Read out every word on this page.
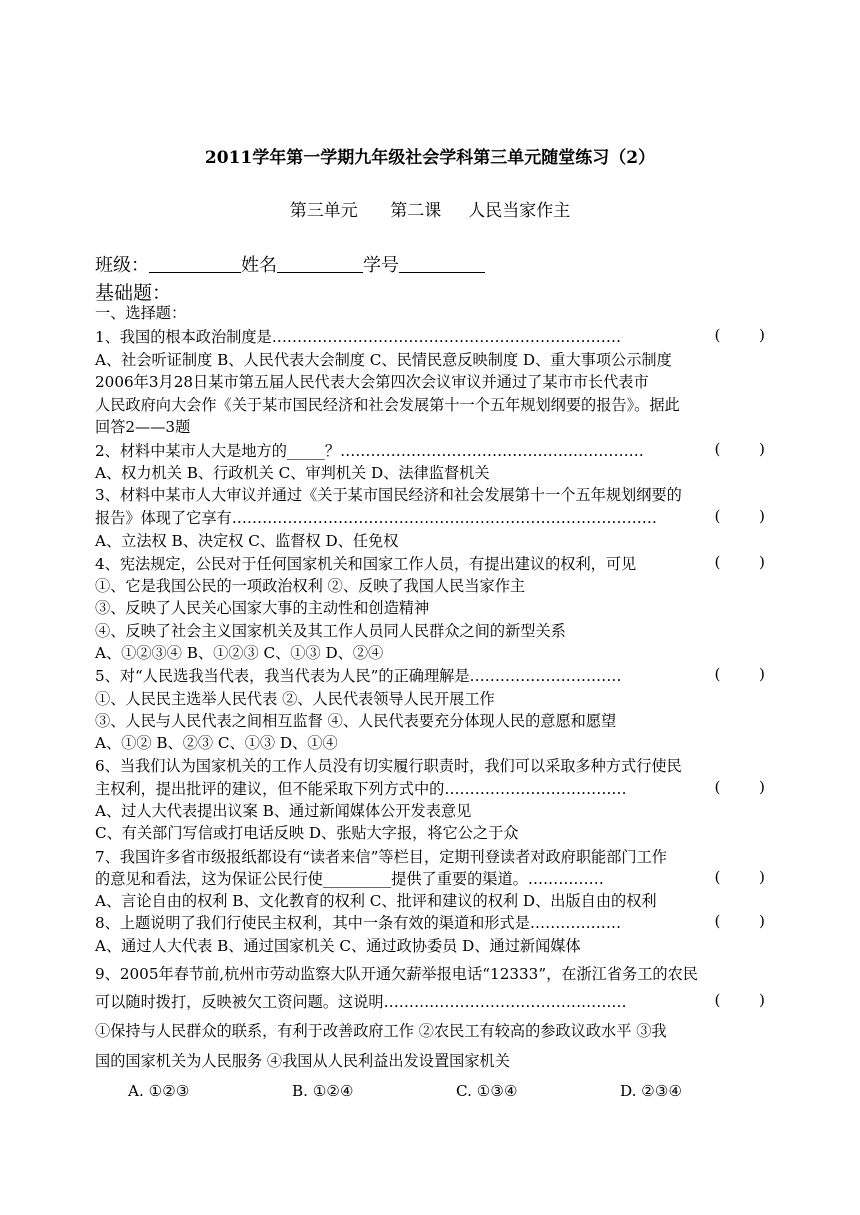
2011学年第一学期九年级社会学科第三单元随堂练习（2）
第三单元      第二课     人民当家作主
班级：	姓名	学号
基础题：
一、选择题：
1、我国的根本政治制度是……………………………………………………………	(        )
A、社会听证制度 B、人民代表大会制度 C、民情民意反映制度 D、重大事项公示制度
2006年3月28日某市第五届人民代表大会第四次会议审议并通过了某市市长代表市
人民政府向大会作《关于某市国民经济和社会发展第十一个五年规划纲要的报告》。据此
回答2——3题
2、材料中某市人大是地方的_____？……………………………………………………	(        )
A、权力机关 B、行政机关 C、审判机关 D、法律监督机关
3、材料中某市人大审议并通过《关于某市国民经济和社会发展第十一个五年规划纲要的
报告》体现了它享有…………………………………………………………………………	(        )
A、立法权 B、决定权 C、监督权 D、任免权
4、宪法规定，公民对于任何国家机关和国家工作人员，有提出建议的权利，可见	(        )
①、它是我国公民的一项政治权利 ②、反映了我国人民当家作主
③、反映了人民关心国家大事的主动性和创造精神
④、反映了社会主义国家机关及其工作人员同人民群众之间的新型关系
A、①②③④ B、①②③ C、①③ D、②④
5、对“人民选我当代表，我当代表为人民”的正确理解是…………………………	(        )
①、人民民主选举人民代表 ②、人民代表领导人民开展工作
③、人民与人民代表之间相互监督 ④、人民代表要充分体现人民的意愿和愿望
A、①② B、②③ C、①③ D、①④
6、当我们认为国家机关的工作人员没有切实履行职责时，我们可以采取多种方式行使民
主权利，提出批评的建议，但不能采取下列方式中的………………………………	(        )
A、过人大代表提出议案 B、通过新闻媒体公开发表意见
C、有关部门写信或打电话反映 D、张贴大字报，将它公之于众
7、我国许多省市级报纸都设有“读者来信”等栏目，定期刊登读者对政府职能部门工作
的意见和看法，这为保证公民行使_________提供了重要的渠道。……………	(        )
A、言论自由的权利 B、文化教育的权利 C、批评和建议的权利 D、出版自由的权利
8、上题说明了我们行使民主权利，其中一条有效的渠道和形式是………………	(        )
A、通过人大代表 B、通过国家机关 C、通过政协委员 D、通过新闻媒体
9、2005年春节前,杭州市劳动监察大队开通欠薪举报电话“12333”，在浙江省务工的农民
可以随时拨打，反映被欠工资问题。这说明…………………………………………	(        )
①保持与人民群众的联系，有利于改善政府工作 ②农民工有较高的参政议政水平 ③我
国的国家机关为人民服务 ④我国从人民利益出发设置国家机关
A. ①②③	B. ①②④	C. ①③④	D. ②③④
